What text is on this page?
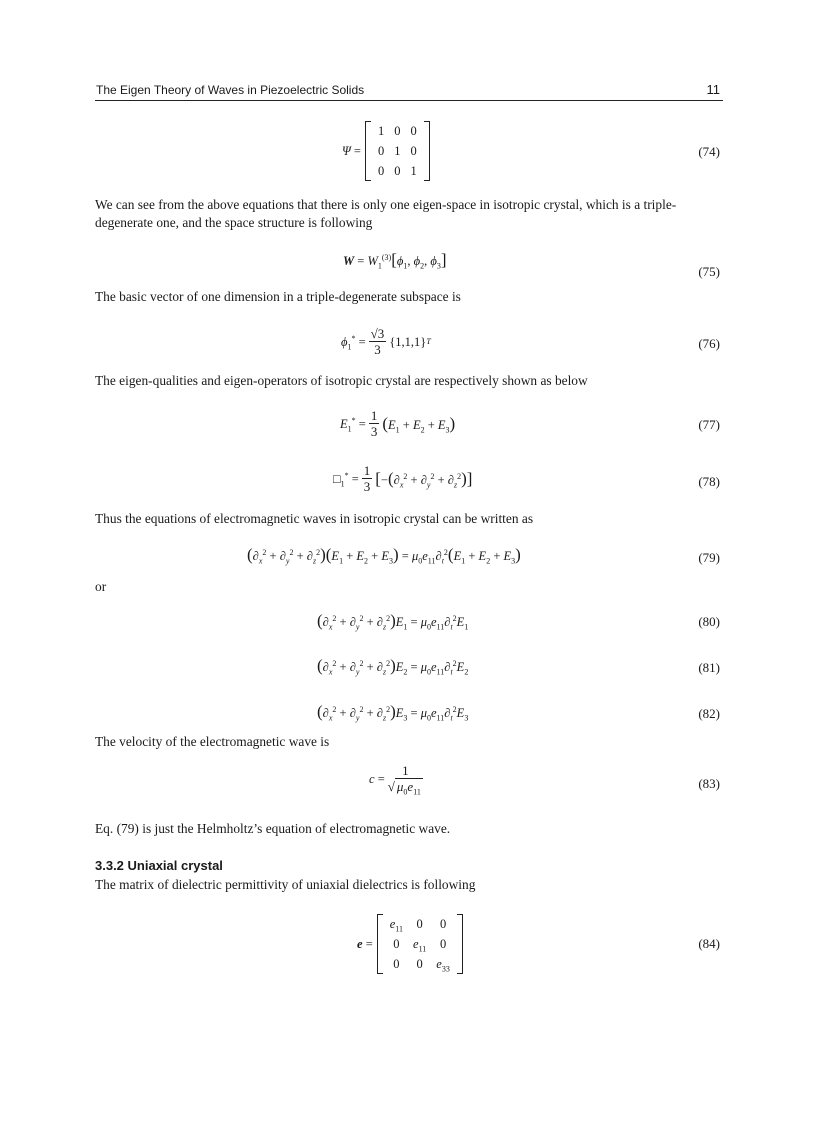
The Eigen Theory of Waves in Piezoelectric Solids	11
Ψ =
1	0	0
0	1	0
0	0	1
(74)
We can see from the above equations that there is only one eigen-space in isotropic crystal, which is a triple-degenerate one, and the space structure is following
$W = W_1^{(3)}[\phi_1$, $\phi_2$, $\phi_3$]
(75)
The basic vector of one dimension in a triple-degenerate subspace is
$\phi_1^* = \frac{√3}{3} \{1,1,1\}$ T	(76)
The eigen-qualities and eigen-operators of isotropic crystal are respectively shown as below
$E_1^* = \frac{1}{3} (E_1 + E_2 + E_3)$	(77)
$□_1^* = \frac{1}{3} [-(\partial_x^2 + \partial_y^2 + \partial_z^2)]$	(78)
Thus the equations of electromagnetic waves in isotropic crystal can be written as
$(\partial_x^2 + \partial_y^2 + \partial_z^2)(E_1 + E_2 + E_3) = \mu_0e_{11}\partial_t^2(E_1 + E_2 + E_3)$	(79)
or
$(\partial_x^2 + \partial_y^2 + \partial_z^2)E_1 = \mu_0e_{11}\partial_t^2E_1$	(80)
$(\partial_x^2 + \partial_y^2 + \partial_z^2)E_2 = \mu_0e_{11}\partial_t^2E_2$	(81)
$(\partial_x^2 + \partial_y^2 + \partial_z^2)E_3 = \mu_0e_{11}\partial_t^2E_3$	(82)
The velocity of the electromagnetic wave is
$c = \frac{1}{√ \mu_0e_{11}}$	(83)
Eq. (79) is just the Helmholtz’s equation of electromagnetic wave.
3.3.2 Uniaxial crystal
The matrix of dielectric permittivity of uniaxial dielectrics is following
e =
$e_{11}$	0	0
0	$e_{11}$	0
0	0	$e_{33}$
(84)
